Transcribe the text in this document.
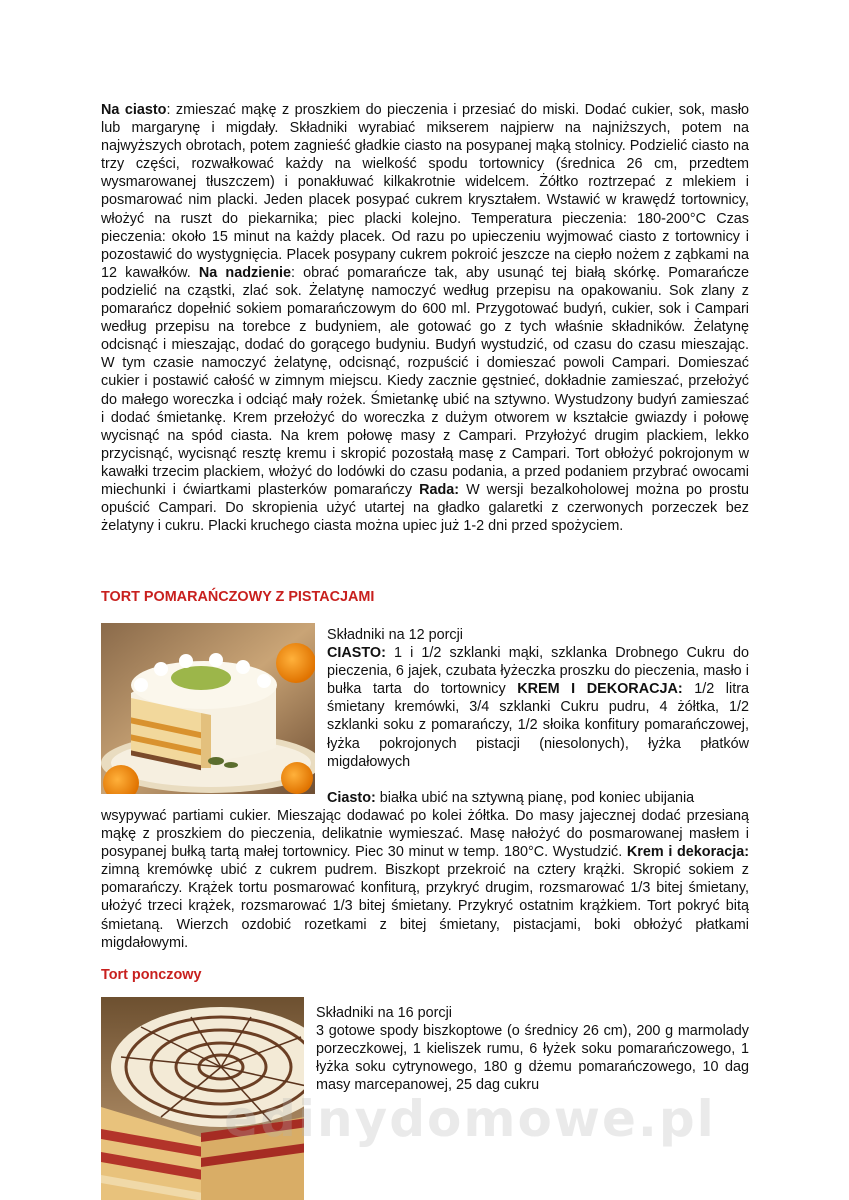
Na ciasto: zmieszać mąkę z proszkiem do pieczenia i przesiać do miski. Dodać cukier, sok, masło lub margarynę i migdały. Składniki wyrabiać mikserem najpierw na najniższych, potem na najwyższych obrotach, potem zagnieść gładkie ciasto na posypanej mąką stolnicy. Podzielić ciasto na trzy części, rozwałkować każdy na wielkość spodu tortownicy (średnica 26 cm, przedtem wysmarowanej tłuszczem) i ponakłuwać kilkakrotnie widelcem. Żółtko roztrzepać z mlekiem i posmarować nim placki. Jeden placek posypać cukrem kryształem. Wstawić w krawędź tortownicy, włożyć na ruszt do piekarnika; piec placki kolejno. Temperatura pieczenia: 180-200°C Czas pieczenia: około 15 minut na każdy placek. Od razu po upieczeniu wyjmować ciasto z tortownicy i pozostawić do wystygnięcia. Placek posypany cukrem pokroić jeszcze na ciepło nożem z ząbkami na 12 kawałków. Na nadzienie: obrać pomarańcze tak, aby usunąć tej białą skórkę. Pomarańcze podzielić na cząstki, zlać sok. Żelatynę namoczyć według przepisu na opakowaniu. Sok zlany z pomarańcz dopełnić sokiem pomarańczowym do 600 ml. Przygotować budyń, cukier, sok i Campari według przepisu na torebce z budyniem, ale gotować go z tych właśnie składników. Żelatynę odcisnąć i mieszając, dodać do gorącego budyniu. Budyń wystudzić, od czasu do czasu mieszając. W tym czasie namoczyć żelatynę, odcisnąć, rozpuścić i domieszać powoli Campari. Domieszać cukier i postawić całość w zimnym miejscu. Kiedy zacznie gęstnieć, dokładnie zamieszać, przełożyć do małego woreczka i odciąć mały rożek. Śmietankę ubić na sztywno. Wystudzony budyń zamieszać i dodać śmietankę. Krem przełożyć do woreczka z dużym otworem w kształcie gwiazdy i połowę wycisnąć na spód ciasta. Na krem połowę masy z Campari. Przyłożyć drugim plackiem, lekko przycisnąć, wycisnąć resztę kremu i skropić pozostałą masę z Campari. Tort obłożyć pokrojonym w kawałki trzecim plackiem, włożyć do lodówki do czasu podania, a przed podaniem przybrać owocami miechunki i ćwiartkami plasterków pomarańczy Rada: W wersji bezalkoholowej można po prostu opuścić Campari. Do skropienia użyć utartej na gładko galaretki z czerwonych porzeczek bez żelatyny i cukru. Placki kruchego ciasta można upiec już 1-2 dni przed spożyciem.

TORT POMARAŃCZOWY Z PISTACJAMI
Składniki na 12 porcji
CIASTO: 1 i 1/2 szklanki mąki, szklanka Drobnego Cukru do pieczenia, 6 jajek, czubata łyżeczka proszku do pieczenia, masło i bułka tarta do tortownicy KREM I DEKORACJA: 1/2 litra śmietany kremówki, 3/4 szklanki Cukru pudru, 4 żółtka, 1/2 szklanki soku z pomarańczy, 1/2 słoika konfitury pomarańczowej, łyżka pokrojonych pistacji (niesolonych), łyżka płatków migdałowych
Ciasto: białka ubić na sztywną pianę, pod koniec ubijania

wsypywać partiami cukier. Mieszając dodawać po kolei żółtka. Do masy jajecznej dodać przesianą mąkę z proszkiem do pieczenia, delikatnie wymieszać. Masę nałożyć do posmarowanej masłem i posypanej bułką tartą małej tortownicy. Piec 30 minut w temp. 180°C. Wystudzić. Krem i dekoracja: zimną kremówkę ubić z cukrem pudrem. Biszkopt przekroić na cztery krążki. Skropić sokiem z pomarańczy. Krążek tortu posmarować konfiturą, przykryć drugim, rozsmarować 1/3 bitej śmietany, ułożyć trzeci krążek, rozsmarować 1/3 bitej śmietany. Przykryć ostatnim krążkiem. Tort pokryć bitą śmietaną. Wierzch ozdobić rozetkami z bitej śmietany, pistacjami, boki obłożyć płatkami migdałowymi.

Tort ponczowy
Składniki na 16 porcji
3 gotowe spody biszkoptowe (o średnicy 26 cm), 200 g marmolady porzeczkowej, 1 kieliszek rumu, 6 łyżek soku pomarańczowego, 1 łyżka soku cytrynowego, 180 g dżemu pomarańczowego, 10 dag masy marcepanowej, 25 dag cukru
edinydomowe.pl
